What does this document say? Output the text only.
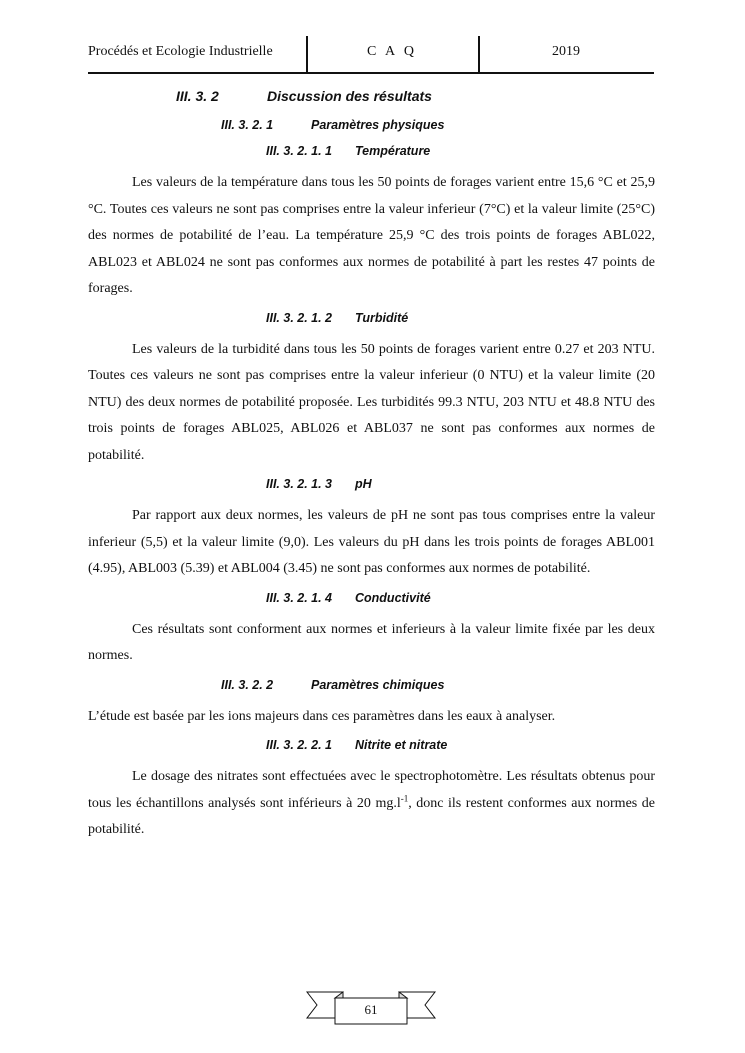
Procédés et Ecologie Industrielle	C A Q	2019
III. 3. 2	Discussion des résultats
III. 3. 2. 1	Paramètres physiques
III. 3. 2. 1. 1 Température

Les valeurs de la température dans tous les 50 points de forages varient entre 15,6 °C et 25,9 °C. Toutes ces valeurs ne sont pas comprises entre la valeur inferieur (7°C) et la valeur limite (25°C) des normes de potabilité de l’eau. La température 25,9 °C des trois points de forages ABL022, ABL023 et ABL024 ne sont pas conformes aux normes de potabilité à part les restes 47 points de forages.

III. 3. 2. 1. 2 Turbidité

Les valeurs de la turbidité dans tous les 50 points de forages varient entre 0.27 et 203 NTU. Toutes ces valeurs ne sont pas comprises entre la valeur inferieur (0 NTU) et la valeur limite (20 NTU) des deux normes de potabilité proposée. Les turbidités 99.3 NTU, 203 NTU et 48.8 NTU des trois points de forages ABL025, ABL026 et ABL037 ne sont pas conformes aux normes de potabilité.

III. 3. 2. 1. 3 pH

Par rapport aux deux normes, les valeurs de pH ne sont pas tous comprises entre la valeur inferieur (5,5) et la valeur limite (9,0). Les valeurs du pH dans les trois points de forages ABL001 (4.95), ABL003 (5.39) et ABL004 (3.45) ne sont pas conformes aux normes de potabilité.

III. 3. 2. 1. 4 Conductivité

Ces résultats sont conforment aux normes et inferieurs à la valeur limite fixée par les deux normes.

III. 3. 2. 2	Paramètres chimiques

L’étude est basée par les ions majeurs dans ces paramètres dans les eaux à analyser.

III. 3. 2. 2. 1 Nitrite et nitrate

Le dosage des nitrates sont effectuées avec le spectrophotomètre. Les résultats obtenus pour tous les échantillons analysés sont inférieurs à 20 $mg.l^{-1}$, donc ils restent conformes aux normes de potabilité.

61
